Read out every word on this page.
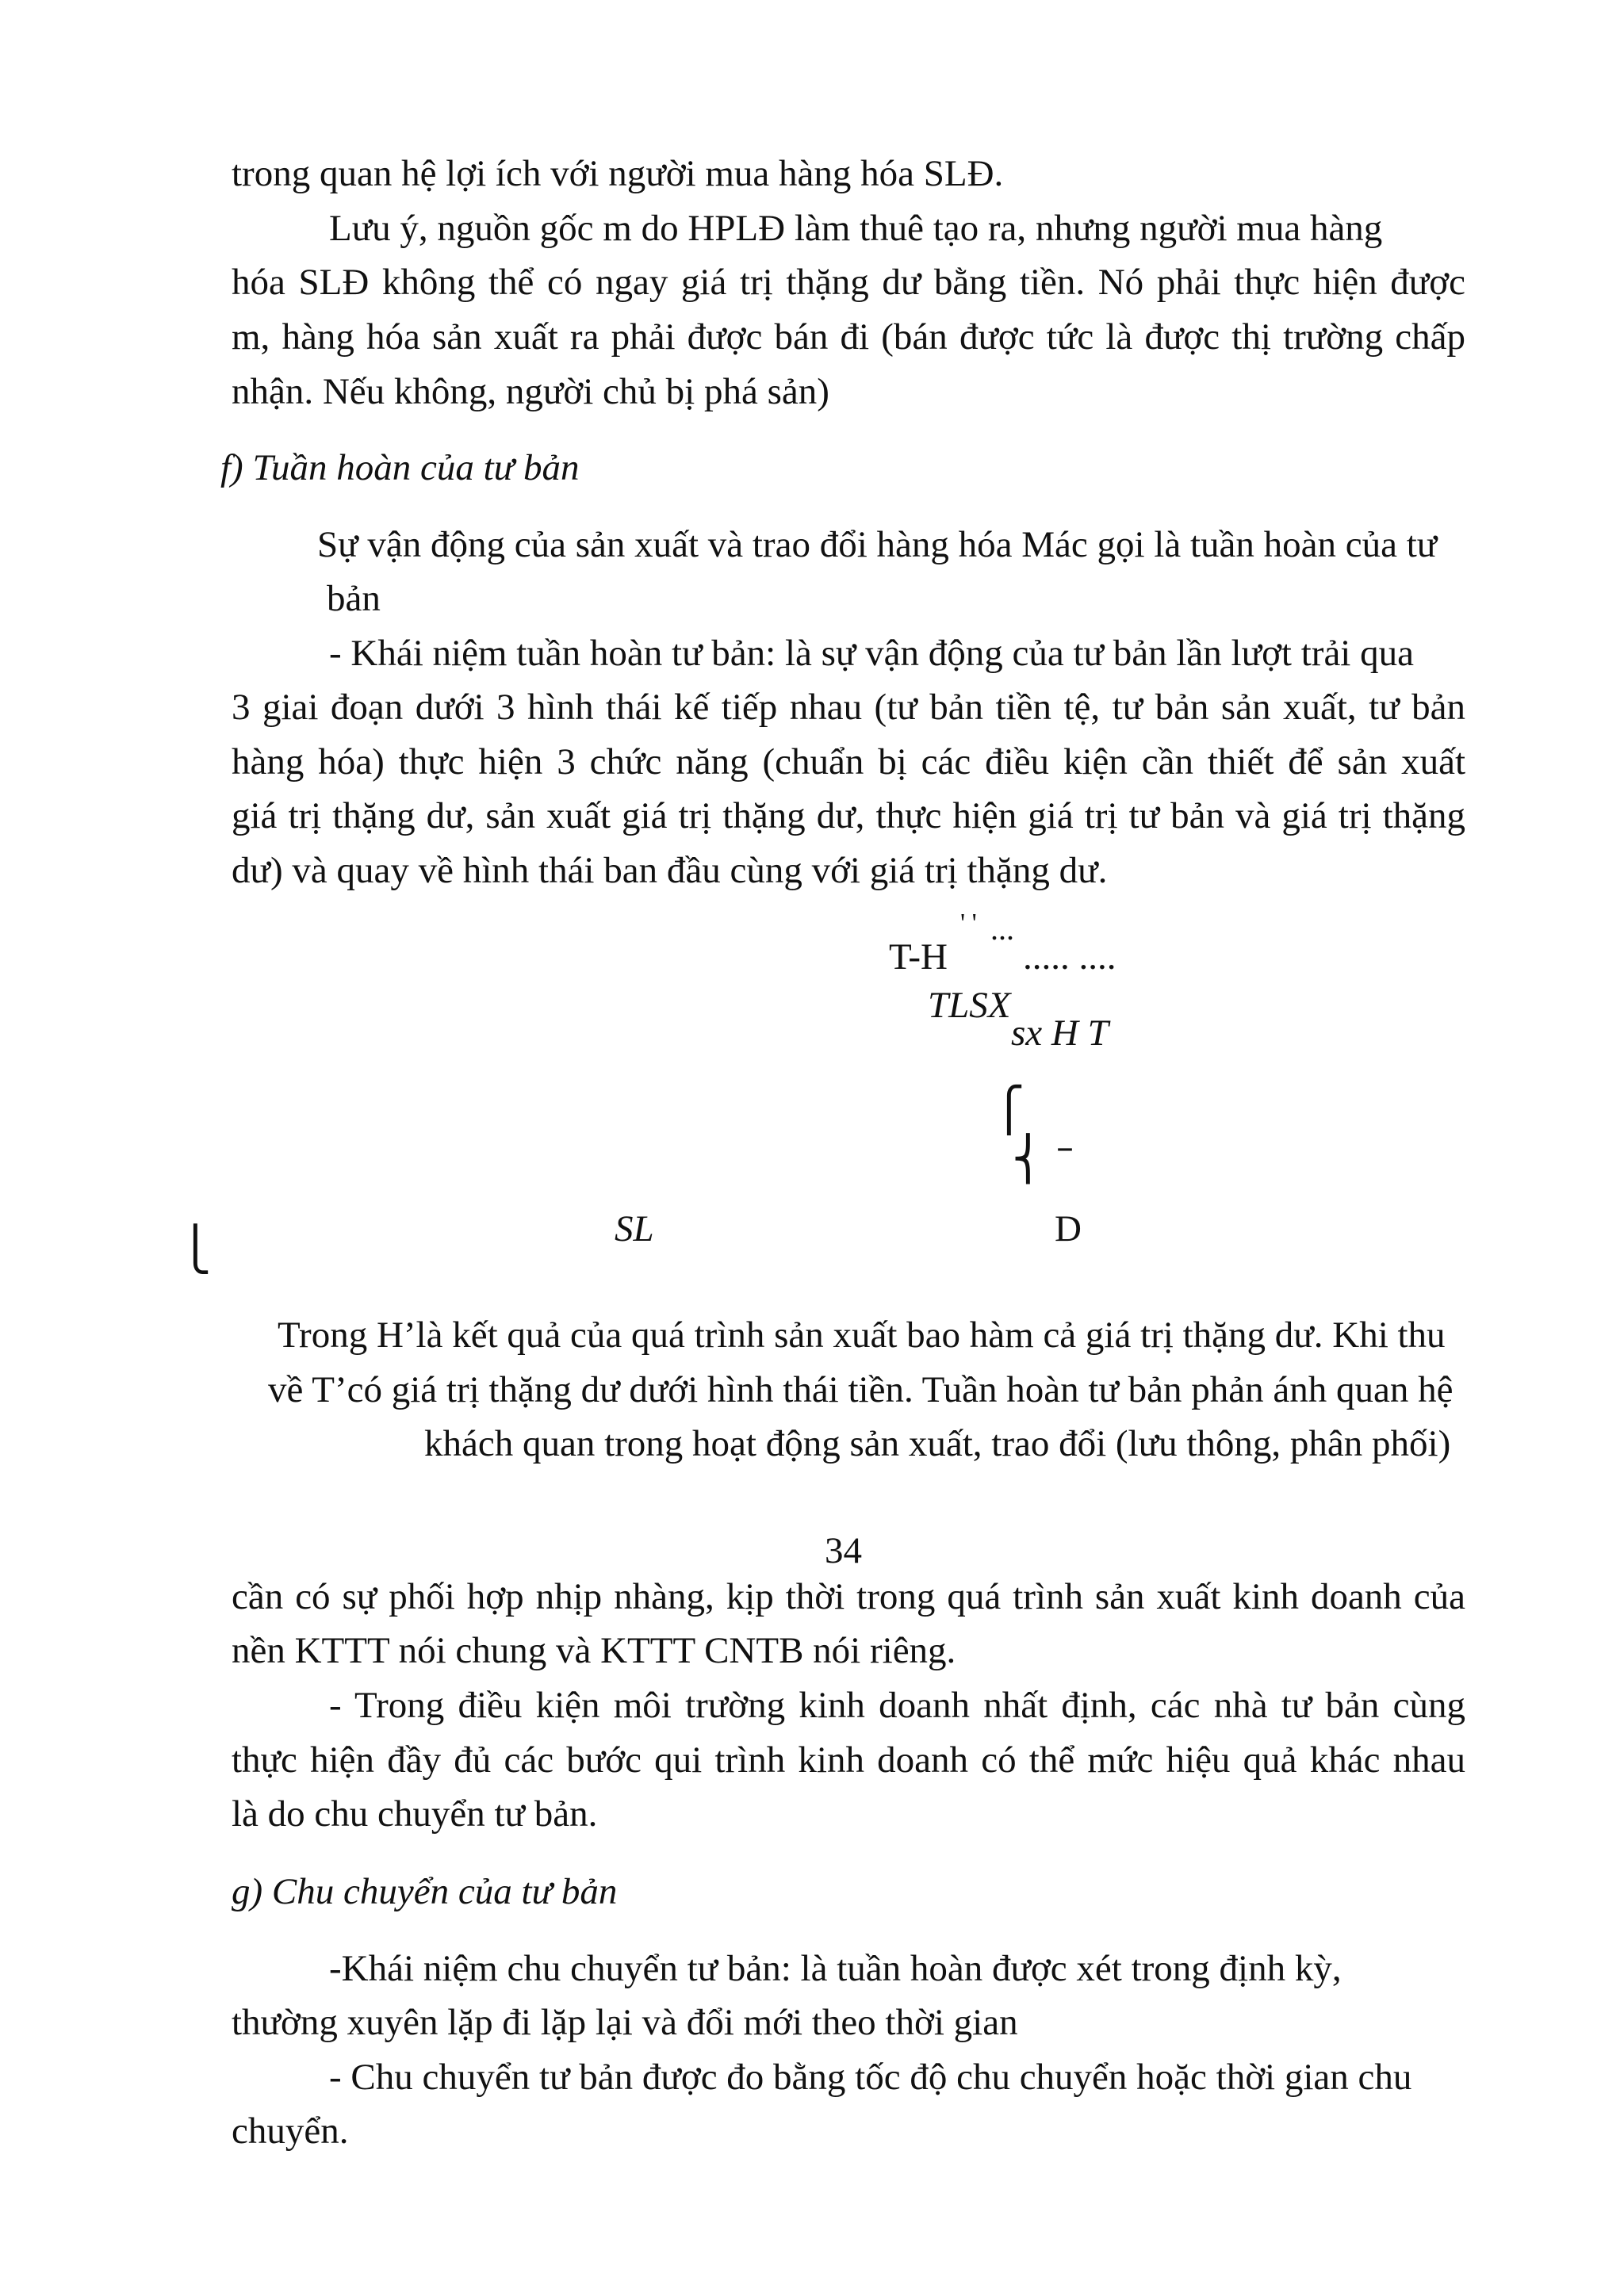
trong quan hệ lợi ích với người mua hàng hóa SLĐ.
Lưu ý, nguồn gốc m do HPLĐ làm thuê tạo ra, nhưng người mua hàng
hóa SLĐ không thể có ngay giá trị thặng dư bằng tiền. Nó phải thực hiện được
m, hàng hóa sản xuất ra phải được bán đi (bán được tức là được thị trường chấp
nhận. Nếu không, người chủ bị phá sản)
f) Tuần hoàn của tư bản
Sự vận động của sản xuất và trao đổi hàng hóa Mác gọi là tuần hoàn của tư
bản
- Khái niệm tuần hoàn tư bản: là sự vận động của tư bản lần lượt trải qua
3 giai đoạn dưới 3 hình thái kế tiếp nhau (tư bản tiền tệ, tư bản sản xuất, tư bản
hàng hóa) thực hiện 3 chức năng (chuẩn bị các điều kiện cần thiết để sản xuất
giá trị thặng dư, sản xuất giá trị thặng dư, thực hiện giá trị tư bản và giá trị thặng
dư) và quay về hình thái ban đầu cùng với giá trị thặng dư.
' ' ...
T-H ..... ....
TLSX
sx H T
⎧
⎨ –
⎩	SL	D
Trong H’là kết quả của quá trình sản xuất bao hàm cả giá trị thặng dư. Khi thu
về T’có giá trị thặng dư dưới hình thái tiền. Tuần hoàn tư bản phản ánh quan hệ
khách quan trong hoạt động sản xuất, trao đổi (lưu thông, phân phối)
34
cần có sự phối hợp nhịp nhàng, kịp thời trong quá trình sản xuất kinh doanh của
nền KTTT nói chung và KTTT CNTB nói riêng.
- Trong điều kiện môi trường kinh doanh nhất định, các nhà tư bản cùng
thực hiện đầy đủ các bước qui trình kinh doanh có thể mức hiệu quả khác nhau
là do chu chuyển tư bản.
g) Chu chuyển của tư bản
-Khái niệm chu chuyển tư bản: là tuần hoàn được xét trong định kỳ,
thường xuyên lặp đi lặp lại và đổi mới theo thời gian
- Chu chuyển tư bản được đo bằng tốc độ chu chuyển hoặc thời gian chu
chuyển.
